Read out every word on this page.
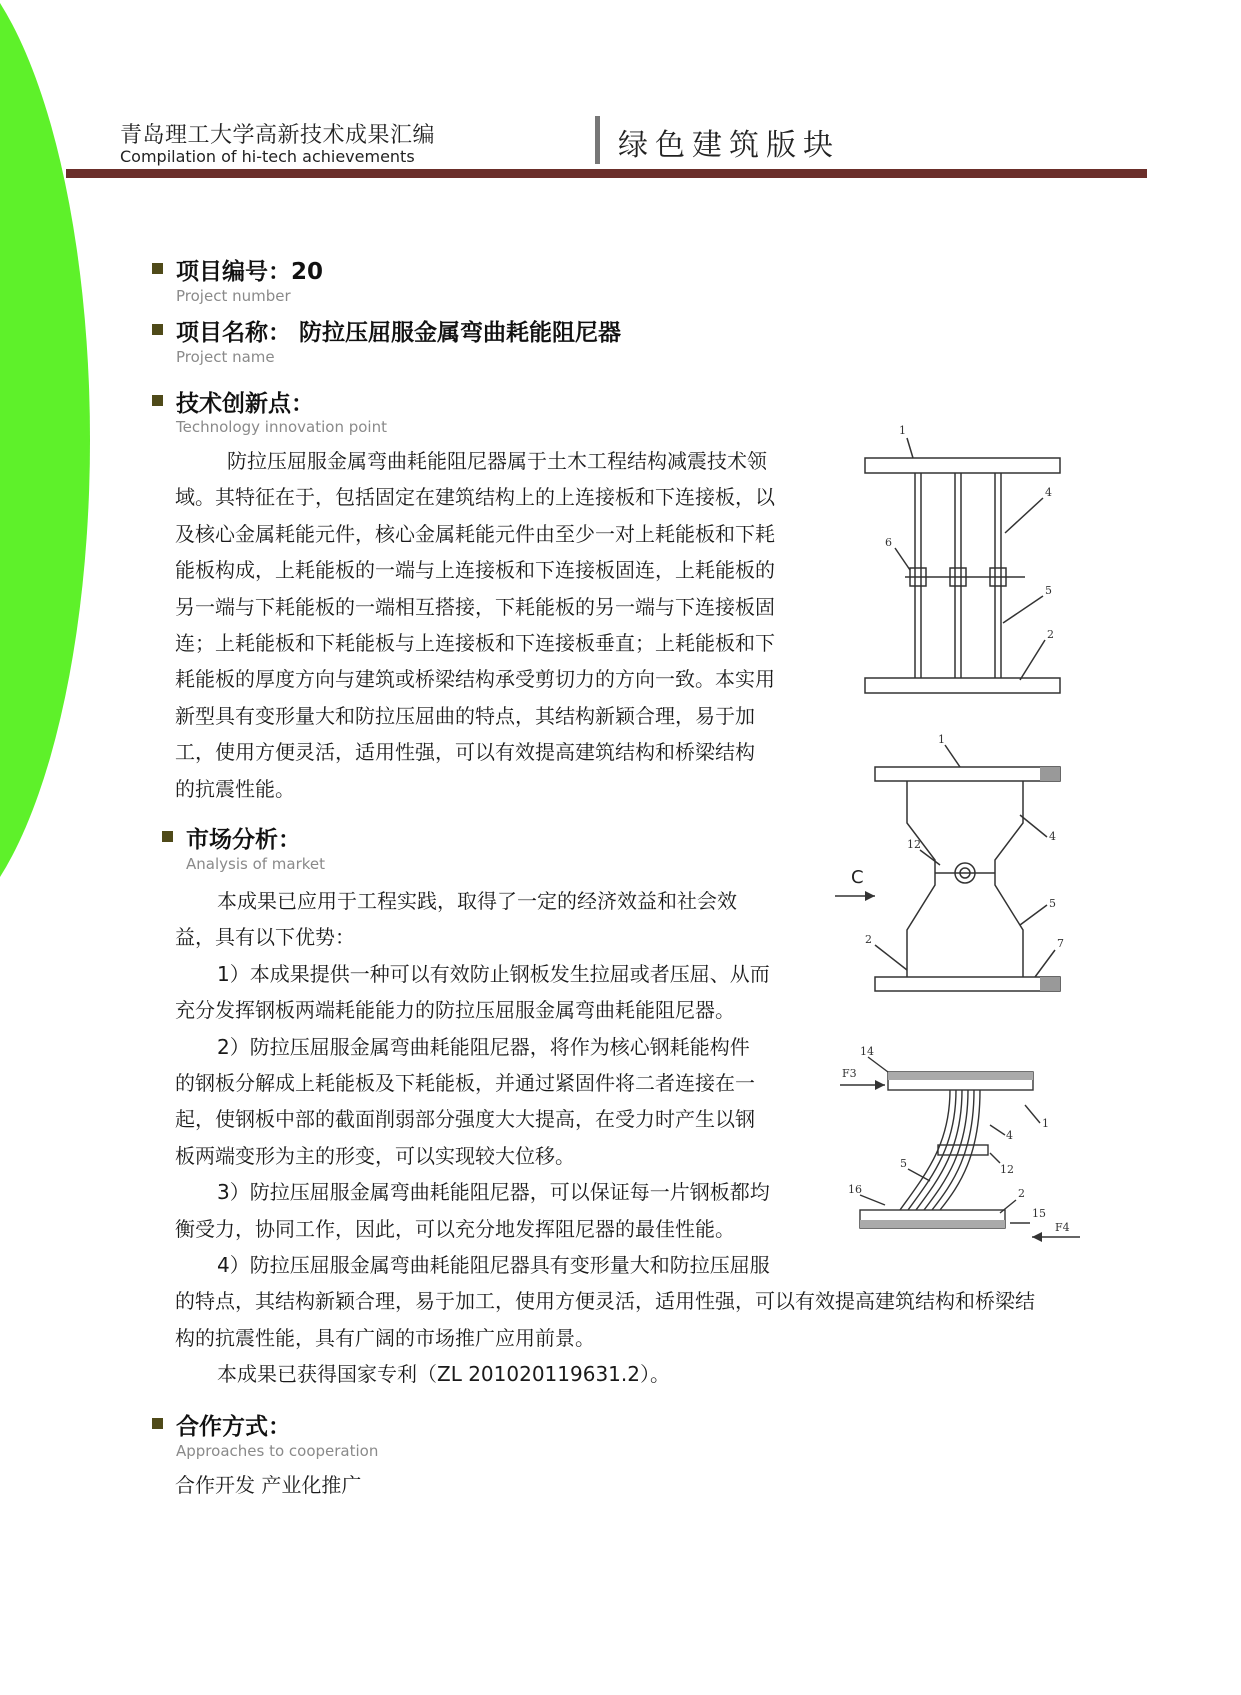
青岛理工大学高新技术成果汇编
Compilation of hi-tech achievements	绿色建筑版块
项目编号：20
Project number
项目名称： 防拉压屈服金属弯曲耗能阻尼器
Project name
技术创新点：
Technology innovation point
防拉压屈服金属弯曲耗能阻尼器属于土木工程结构减震技术领
域。其特征在于，包括固定在建筑结构上的上连接板和下连接板，以
及核心金属耗能元件，核心金属耗能元件由至少一对上耗能板和下耗
能板构成，上耗能板的一端与上连接板和下连接板固连，上耗能板的
另一端与下耗能板的一端相互搭接，下耗能板的另一端与下连接板固
连；上耗能板和下耗能板与上连接板和下连接板垂直；上耗能板和下
耗能板的厚度方向与建筑或桥梁结构承受剪切力的方向一致。本实用
新型具有变形量大和防拉压屈曲的特点，其结构新颖合理，易于加
工，使用方便灵活，适用性强，可以有效提高建筑结构和桥梁结构
的抗震性能。
市场分析：
Analysis of market
本成果已应用于工程实践，取得了一定的经济效益和社会效
益，具有以下优势：
1）本成果提供一种可以有效防止钢板发生拉屈或者压屈、从而
充分发挥钢板两端耗能能力的防拉压屈服金属弯曲耗能阻尼器。
2）防拉压屈服金属弯曲耗能阻尼器，将作为核心钢耗能构件
的钢板分解成上耗能板及下耗能板，并通过紧固件将二者连接在一
起，使钢板中部的截面削弱部分强度大大提高，在受力时产生以钢
板两端变形为主的形变，可以实现较大位移。
3）防拉压屈服金属弯曲耗能阻尼器，可以保证每一片钢板都均
衡受力，协同工作，因此，可以充分地发挥阻尼器的最佳性能。
4）防拉压屈服金属弯曲耗能阻尼器具有变形量大和防拉压屈服
的特点，其结构新颖合理，易于加工，使用方便灵活，适用性强，可以有效提高建筑结构和桥梁结
构的抗震性能，具有广阔的市场推广应用前景。
本成果已获得国家专利（ZL 201020119631.2）。
合作方式：
Approaches to cooperation
合作开发 产业化推广
1
4
6
5
2
1
4
12
C
5
2	7
14
F3
1
4
5	12
16	2
15
F4
